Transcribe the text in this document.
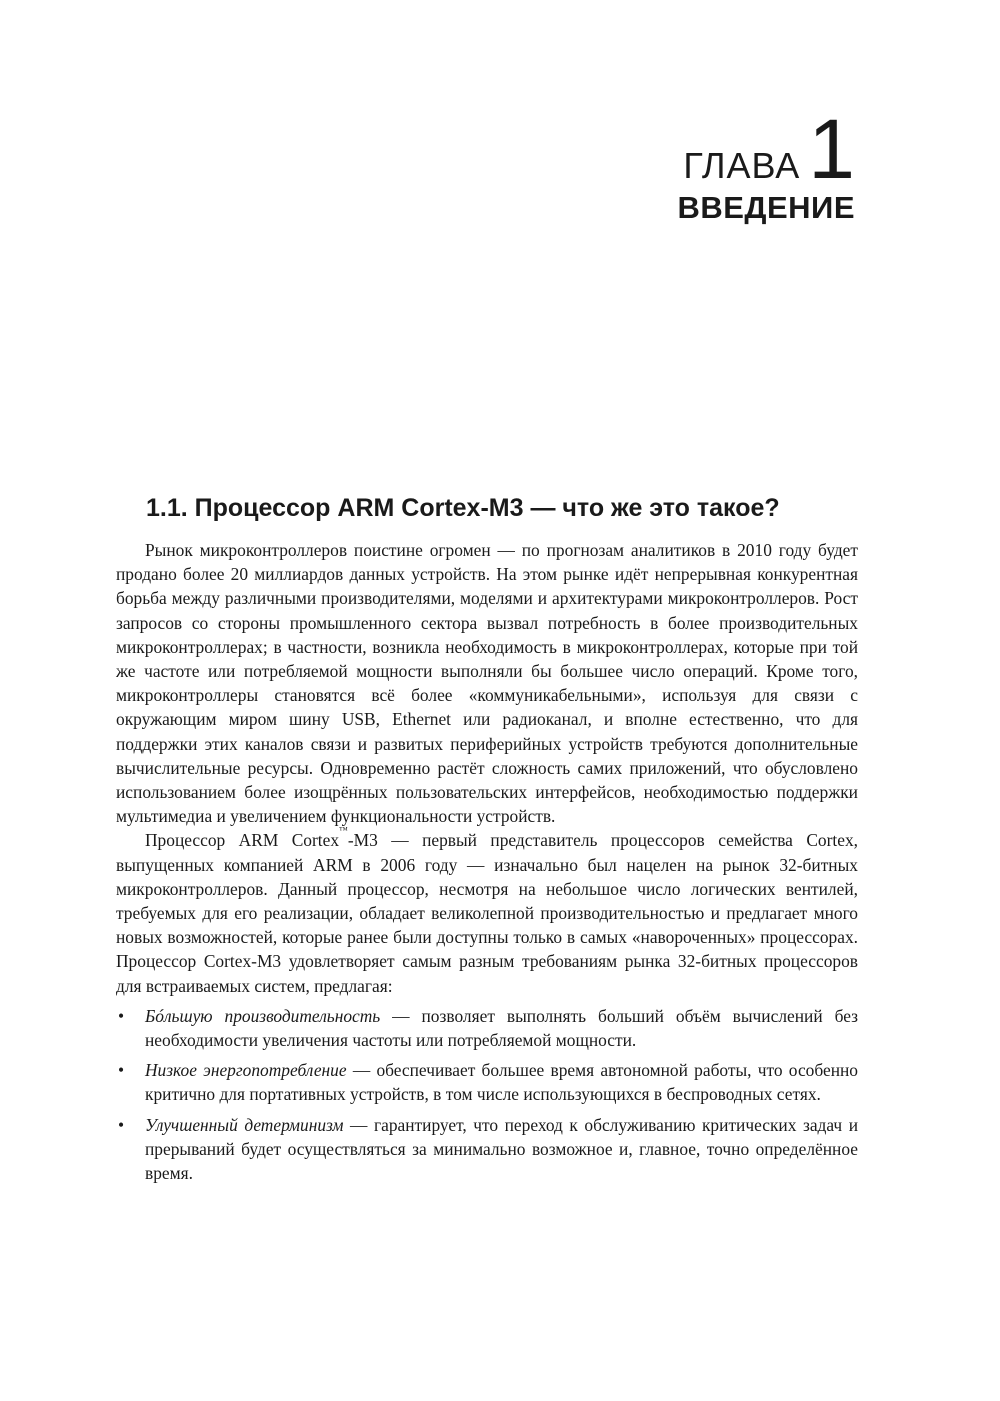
ГЛАВА 1
ВВЕДЕНИЕ
1.1. Процессор ARM Cortex-M3 — что же это такое?

Рынок микроконтроллеров поистине огромен — по прогнозам аналитиков в 2010 году будет продано более 20 миллиардов данных устройств. На этом рынке идёт непрерывная конкурентная борьба между различными производителями, моделями и архитектурами микроконтроллеров. Рост запросов со стороны промышленного сектора вызвал потребность в более производительных микроконтроллерах; в частности, возникла необходимость в микроконтроллерах, которые при той же частоте или потребляемой мощности выполняли бы большее число операций. Кроме того, микроконтроллеры становятся всё более «коммуникабельными», используя для связи с окружающим миром шину USB, Ethernet или радиоканал, и вполне естественно, что для поддержки этих каналов связи и развитых периферийных устройств требуются дополнительные вычислительные ресурсы. Одновременно растёт сложность самих приложений, что обусловлено использованием более изощрённых пользовательских интерфейсов, необходимостью поддержки мультимедиа и увеличением функциональности устройств.

Процессор ARM Cortex™-M3 — первый представитель процессоров семейства Cortex, выпущенных компанией ARM в 2006 году — изначально был нацелен на рынок 32-битных микроконтроллеров. Данный процессор, несмотря на небольшое число логических вентилей, требуемых для его реализации, обладает великолепной производительностью и предлагает много новых возможностей, которые ранее были доступны только в самых «навороченных» процессорах. Процессор Cortex-M3 удовлетворяет самым разным требованиям рынка 32-битных процессоров для встраиваемых систем, предлагая:

• Бóльшую производительность — позволяет выполнять больший объём вычислений без необходимости увеличения частоты или потребляемой мощности.
• Низкое энергопотребление — обеспечивает большее время автономной работы, что особенно критично для портативных устройств, в том числе использующихся в беспроводных сетях.
• Улучшенный детерминизм — гарантирует, что переход к обслуживанию критических задач и прерываний будет осуществляться за минимально возможное и, главное, точно определённое время.
